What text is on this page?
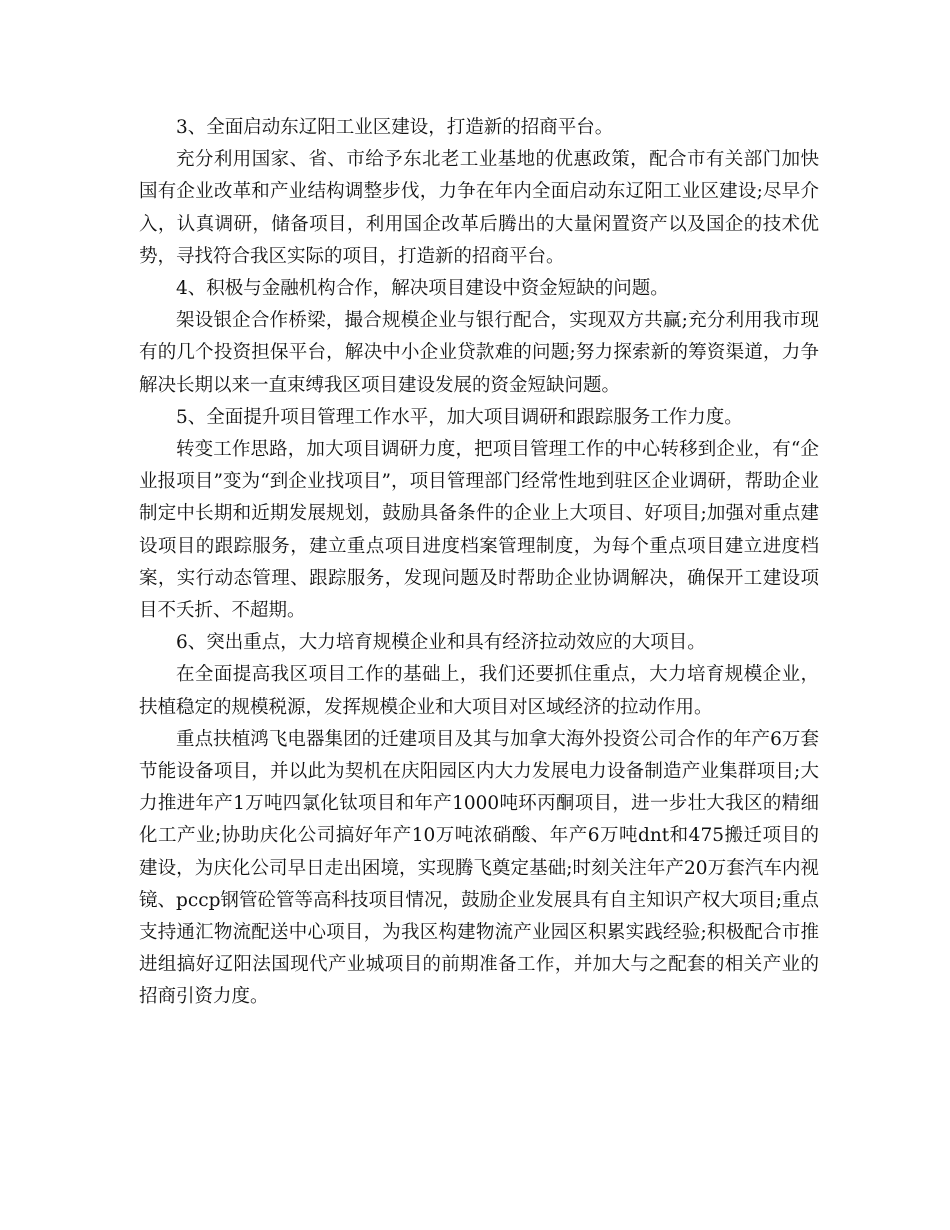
3、全面启动东辽阳工业区建设，打造新的招商平台。

充分利用国家、省、市给予东北老工业基地的优惠政策，配合市有关部门加快国有企业改革和产业结构调整步伐，力争在年内全面启动东辽阳工业区建设;尽早介入，认真调研，储备项目，利用国企改革后腾出的大量闲置资产以及国企的技术优势，寻找符合我区实际的项目，打造新的招商平台。

4、积极与金融机构合作，解决项目建设中资金短缺的问题。

架设银企合作桥梁，撮合规模企业与银行配合，实现双方共赢;充分利用我市现有的几个投资担保平台，解决中小企业贷款难的问题;努力探索新的筹资渠道，力争解决长期以来一直束缚我区项目建设发展的资金短缺问题。

5、全面提升项目管理工作水平，加大项目调研和跟踪服务工作力度。

转变工作思路，加大项目调研力度，把项目管理工作的中心转移到企业，有“企业报项目”变为“到企业找项目”，项目管理部门经常性地到驻区企业调研，帮助企业制定中长期和近期发展规划，鼓励具备条件的企业上大项目、好项目;加强对重点建设项目的跟踪服务，建立重点项目进度档案管理制度，为每个重点项目建立进度档案，实行动态管理、跟踪服务，发现问题及时帮助企业协调解决，确保开工建设项目不夭折、不超期。

6、突出重点，大力培育规模企业和具有经济拉动效应的大项目。

在全面提高我区项目工作的基础上，我们还要抓住重点，大力培育规模企业，扶植稳定的规模税源，发挥规模企业和大项目对区域经济的拉动作用。

重点扶植鸿飞电器集团的迁建项目及其与加拿大海外投资公司合作的年产6万套节能设备项目，并以此为契机在庆阳园区内大力发展电力设备制造产业集群项目;大力推进年产1万吨四氯化钛项目和年产1000吨环丙酮项目，进一步壮大我区的精细化工产业;协助庆化公司搞好年产10万吨浓硝酸、年产6万吨dnt和475搬迁项目的建设，为庆化公司早日走出困境，实现腾飞奠定基础;时刻关注年产20万套汽车内视镜、pccp钢管砼管等高科技项目情况，鼓励企业发展具有自主知识产权大项目;重点支持通汇物流配送中心项目，为我区构建物流产业园区积累实践经验;积极配合市推进组搞好辽阳法国现代产业城项目的前期准备工作，并加大与之配套的相关产业的招商引资力度。
